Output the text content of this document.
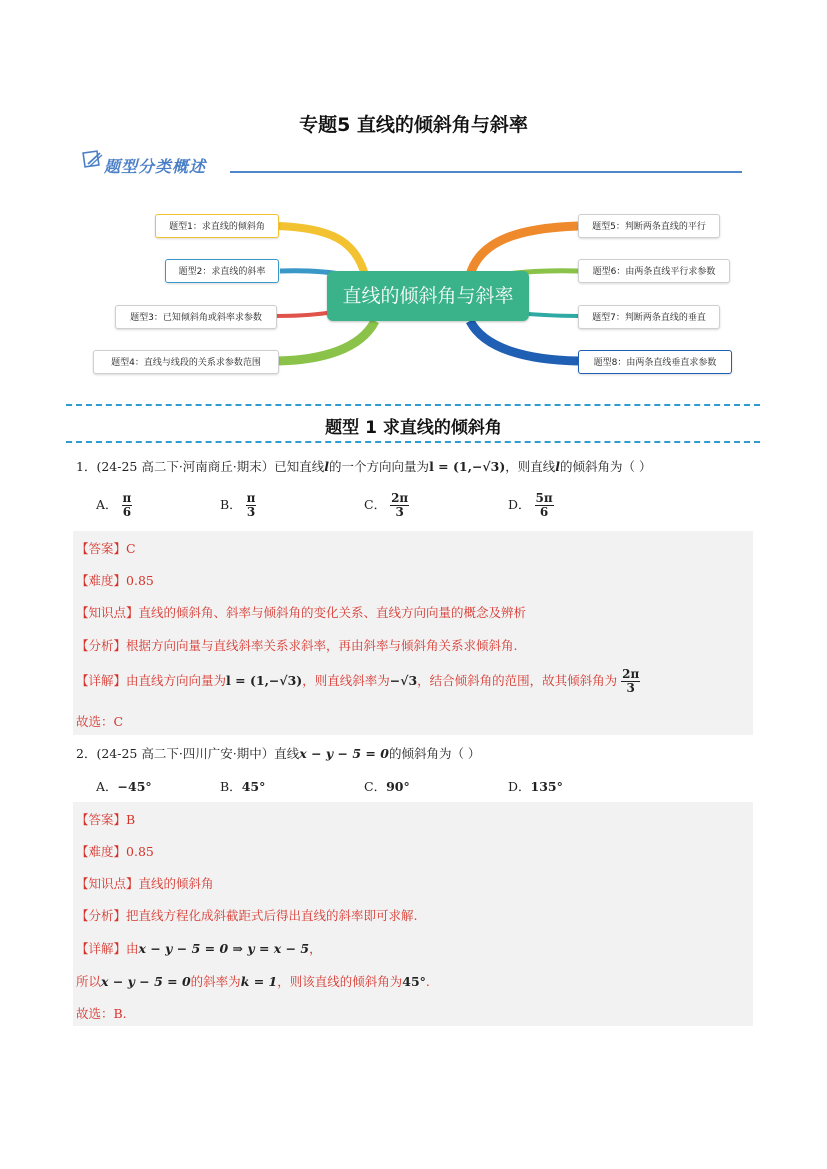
专题5 直线的倾斜角与斜率
题型分类概述
直线的倾斜角与斜率
题型1：求直线的倾斜角
题型2：求直线的斜率
题型3：已知倾斜角或斜率求参数
题型4：直线与线段的关系求参数范围
题型5：判断两条直线的平行
题型6：由两条直线平行求参数
题型7：判断两条直线的垂直
题型8：由两条直线垂直求参数
题型 1 求直线的倾斜角
1．(24-25 高二下·河南商丘·期末）已知直线l的一个方向向量为l = (1,−√3)，则直线l的倾斜角为（ ）
A． $\frac{\pi}{6}$	B． $\frac{\pi}{3}$	C． $\frac{2\pi}{3}$	D． $\frac{5\pi}{6}$
【答案】C
【难度】0.85
【知识点】直线的倾斜角、斜率与倾斜角的变化关系、直线方向向量的概念及辨析
【分析】根据方向向量与直线斜率关系求斜率，再由斜率与倾斜角关系求倾斜角.
【详解】由直线方向向量为l = (1,−√3)，则直线斜率为−√3，结合倾斜角的范围，故其倾斜角为 $\frac{2\pi}{3}$
故选：C
2．(24-25 高二下·四川广安·期中）直线x − y − 5 = 0的倾斜角为（ ）
A．−45°	B．45°	C．90°	D．135°
【答案】B
【难度】0.85
【知识点】直线的倾斜角
【分析】把直线方程化成斜截距式后得出直线的斜率即可求解.
【详解】由x − y − 5 = 0 ⇒ y = x − 5，
所以x − y − 5 = 0的斜率为k = 1，则该直线的倾斜角为45°.
故选：B.
